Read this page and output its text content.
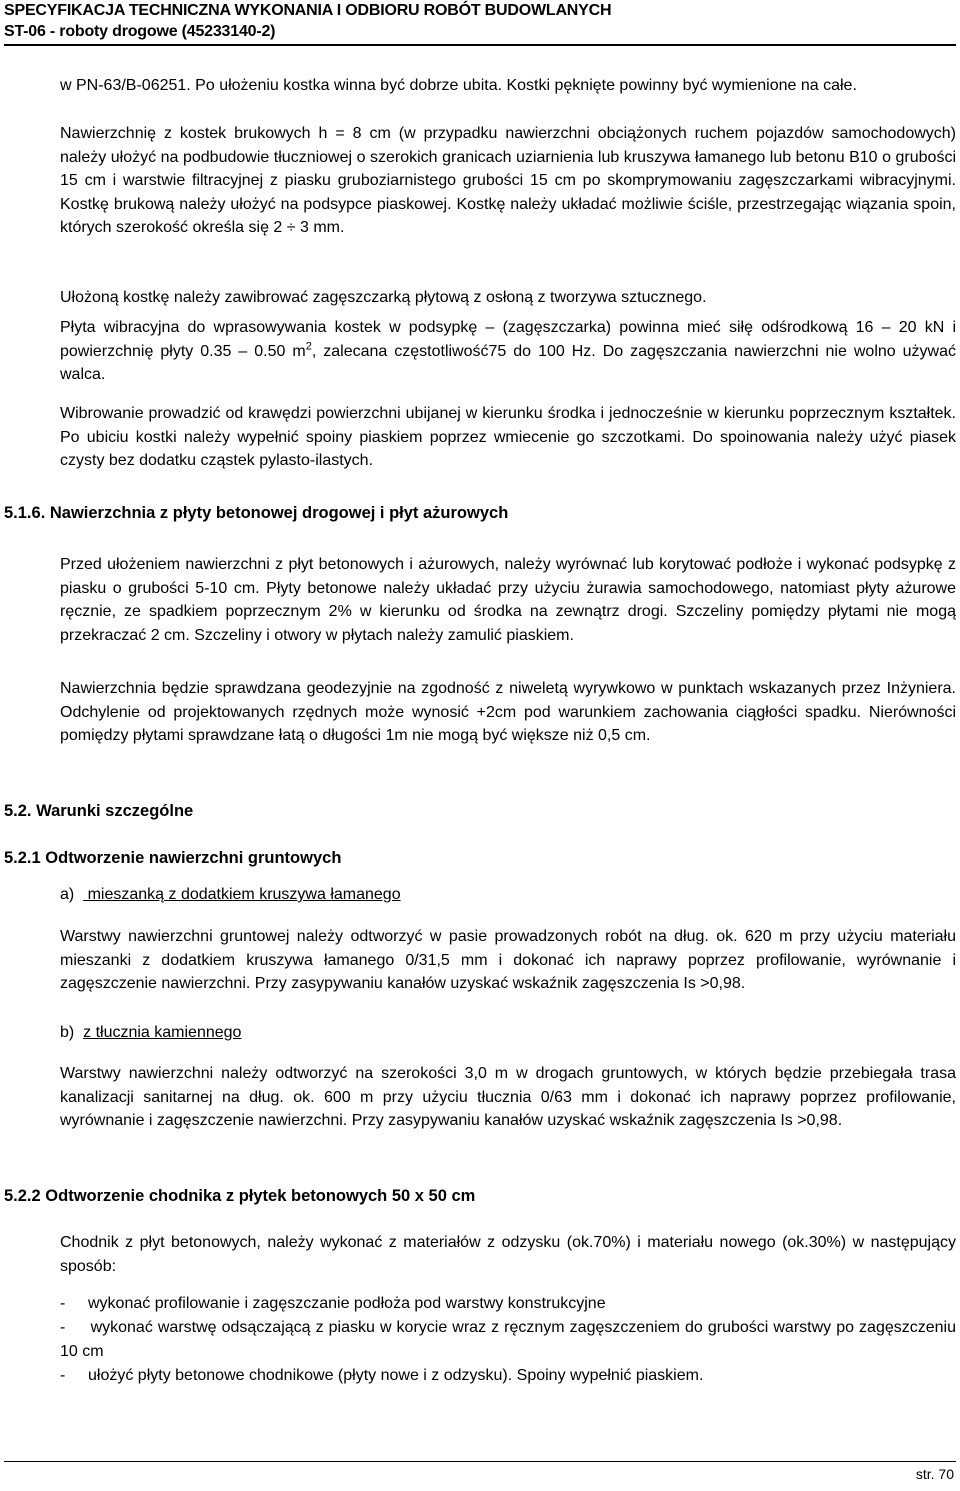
SPECYFIKACJA TECHNICZNA WYKONANIA I ODBIORU ROBÓT BUDOWLANYCH
ST-06 - roboty drogowe (45233140-2)
w PN-63/B-06251. Po ułożeniu kostka winna być dobrze ubita. Kostki pęknięte powinny być wymienione na całe.
Nawierzchnię z kostek brukowych h = 8 cm (w przypadku nawierzchni obciążonych ruchem pojazdów samochodowych) należy ułożyć na podbudowie tłuczniowej o szerokich granicach uziarnienia lub kruszywa łamanego lub betonu B10 o grubości 15 cm i warstwie filtracyjnej z piasku gruboziarnistego grubości 15 cm po skomprymowaniu zagęszczarkami wibracyjnymi. Kostkę brukową należy ułożyć na podsypce piaskowej. Kostkę należy układać możliwie ściśle, przestrzegając wiązania spoin, których szerokość określa się 2 ÷ 3 mm.
Ułożoną kostkę należy zawibrować zagęszczarką płytową z osłoną z tworzywa sztucznego.
Płyta wibracyjna do wprasowywania kostek w podsypkę – (zagęszczarka) powinna mieć siłę odśrodkową 16 – 20 kN i powierzchnię płyty 0.35 – 0.50 $m^2$, zalecana częstotliwość75 do 100 Hz. Do zagęszczania nawierzchni nie wolno używać walca.
Wibrowanie prowadzić od krawędzi powierzchni ubijanej w kierunku środka i jednocześnie w kierunku poprzecznym kształtek. Po ubiciu kostki należy wypełnić spoiny piaskiem poprzez wmiecenie go szczotkami. Do spoinowania należy użyć piasek czysty bez dodatku cząstek pylasto-ilastych.
5.1.6. Nawierzchnia z płyty betonowej drogowej i płyt ażurowych
Przed ułożeniem nawierzchni z płyt betonowych i ażurowych, należy wyrównać lub korytować podłoże i wykonać podsypkę z piasku o grubości 5-10 cm. Płyty betonowe należy układać przy użyciu żurawia samochodowego, natomiast płyty ażurowe ręcznie, ze spadkiem poprzecznym 2% w kierunku od środka na zewnątrz drogi. Szczeliny pomiędzy płytami nie mogą przekraczać 2 cm. Szczeliny i otwory w płytach należy zamulić piaskiem.
Nawierzchnia będzie sprawdzana geodezyjnie na zgodność z niweletą wyrywkowo w punktach wskazanych przez Inżyniera. Odchylenie od projektowanych rzędnych może wynosić +2cm pod warunkiem zachowania ciągłości spadku. Nierówności pomiędzy płytami sprawdzane łatą o długości 1m nie mogą być większe niż 0,5 cm.
5.2. Warunki szczególne
5.2.1 Odtworzenie nawierzchni gruntowych
a)   mieszanką z dodatkiem kruszywa łamanego
Warstwy nawierzchni gruntowej należy odtworzyć w pasie prowadzonych robót na dług. ok. 620 m przy użyciu materiału mieszanki z dodatkiem kruszywa łamanego 0/31,5 mm i dokonać ich naprawy poprzez profilowanie, wyrównanie i zagęszczenie nawierzchni. Przy zasypywaniu kanałów uzyskać wskaźnik zagęszczenia Is >0,98.
b) z tłucznia kamiennego
Warstwy nawierzchni należy odtworzyć na szerokości 3,0 m w drogach gruntowych, w których będzie przebiegała trasa kanalizacji sanitarnej na dług. ok. 600 m przy użyciu tłucznia 0/63 mm i dokonać ich naprawy poprzez profilowanie, wyrównanie i zagęszczenie nawierzchni. Przy zasypywaniu kanałów uzyskać wskaźnik zagęszczenia Is >0,98.
5.2.2 Odtworzenie chodnika z płytek betonowych 50 x 50 cm
Chodnik z płyt betonowych, należy wykonać z materiałów z odzysku (ok.70%) i materiału nowego (ok.30%) w następujący sposób:
- wykonać profilowanie i zagęszczanie podłoża pod warstwy konstrukcyjne
- wykonać warstwę odsączającą z piasku w korycie wraz z ręcznym zagęszczeniem do grubości warstwy po zagęszczeniu 10 cm
- ułożyć płyty betonowe chodnikowe (płyty nowe i z odzysku). Spoiny wypełnić piaskiem.
str. 70
